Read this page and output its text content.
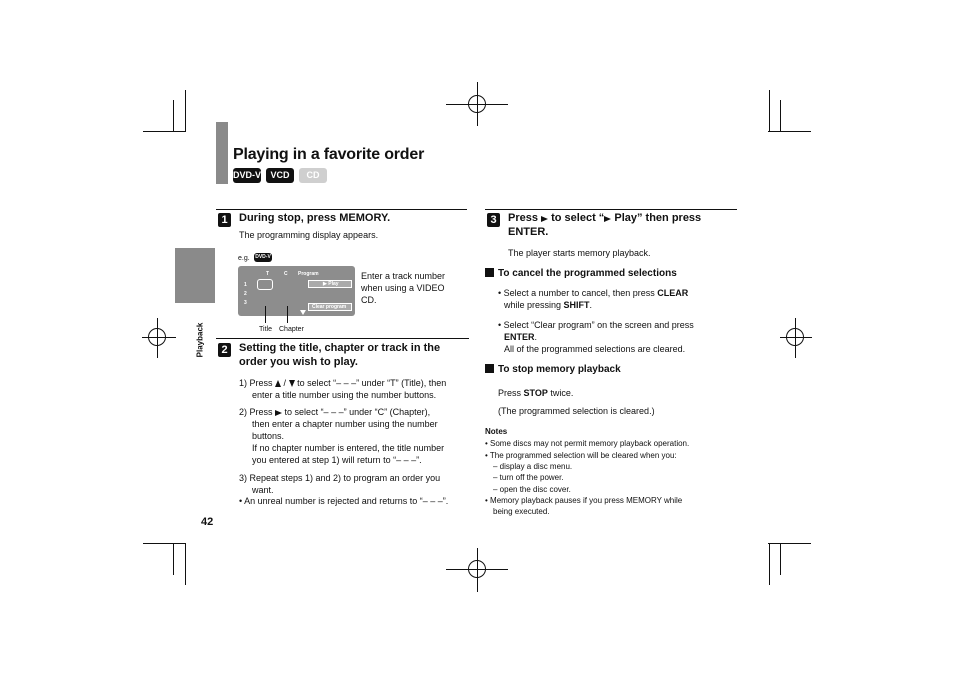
Playing in a favorite order
DVD-V	VCD	CD
Playback
42
1	During stop, press MEMORY.
The programming display appears.
e.g. DVD-V
T	C Program
1
2
3
▶ Play
Clear program
Title Chapter
Enter a track number when using a VIDEO CD.
2	Setting the title, chapter or track in the order you wish to play.
1) Press / to select “– – –” under “T” (Title), then
enter a title number using the number buttons.
2) Press to select “– – –” under “C” (Chapter),
then enter a chapter number using the number
buttons.
If no chapter number is entered, the title number
you entered at step 1) will return to “– – –”.
3) Repeat steps 1) and 2) to program an order you
want.
• An unreal number is rejected and returns to “– – –”.
3	Press to select “ Play” then press
ENTER.
The player starts memory playback.
To cancel the programmed selections
• Select a number to cancel, then press CLEAR
while pressing SHIFT.
• Select “Clear program” on the screen and press
ENTER.
All of the programmed selections are cleared.
To stop memory playback
Press STOP twice.
(The programmed selection is cleared.)
Notes
• Some discs may not permit memory playback operation.
• The programmed selection will be cleared when you:
– display a disc menu.
– turn off the power.
– open the disc cover.
• Memory playback pauses if you press MEMORY while
being executed.
